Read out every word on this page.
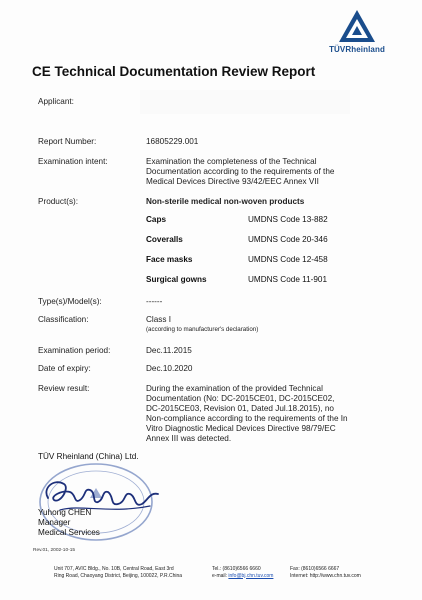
TÜVRheinland
CE Technical Documentation Review Report
Applicant:
Report Number:	16805229.001
Examination intent:	Examination the completeness of the Technical
Documentation according to the requirements of the
Medical Devices Directive 93/42/EEC Annex VII
Product(s):	Non-sterile medical non-woven products
Caps	UMDNS Code 13-882
Coveralls	UMDNS Code 20-346
Face masks	UMDNS Code 12-458
Surgical gowns	UMDNS Code 11-901
Type(s)/Model(s):	------
Classification:	Class I
(according to manufacturer's declaration)
Examination period:	Dec.11.2015
Date of expiry:	Dec.10.2020
Review result:	During the examination of the provided Technical
Documentation (No: DC-2015CE01, DC-2015CE02,
DC-2015CE03, Revision 01, Dated Jul.18.2015), no
Non-compliance according to the requirements of the In
Vitro Diagnostic Medical Devices Directive 98/79/EC
Annex III was detected.
TÜV Rheinland (China) Ltd.
Yuhong CHEN
Manager
Medical Services
Rev.01, 2002-10-15
Unit 707, AVIC Bldg., No. 10B, Central Road, East 3rd
Ring Road, Chaoyang District, Beijing, 100022, P.R.China
Tel.: (8610)6566 6660
e-mail: info@bj.chn.tuv.com
Fax: (8610)6566 6667
Internet: http://www.chn.tuv.com
